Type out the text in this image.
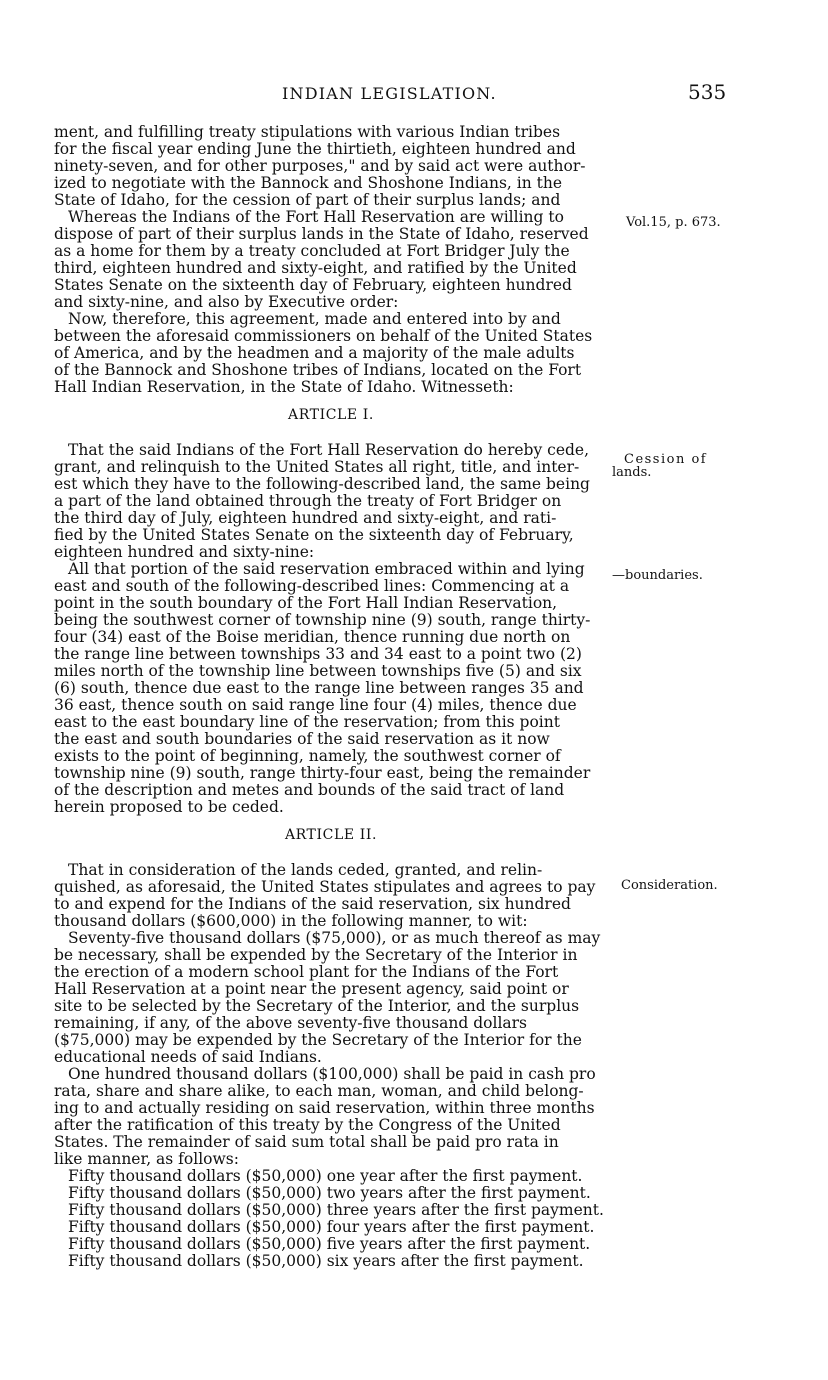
INDIAN LEGISLATION.	535
ment, and fulfilling treaty stipulations with various Indian tribes
for the fiscal year ending June the thirtieth, eighteen hundred and
ninety-seven, and for other purposes," and by said act were author-
ized to negotiate with the Bannock and Shoshone Indians, in the
State of Idaho, for the cession of part of their surplus lands; and
Whereas the Indians of the Fort Hall Reservation are willing to
dispose of part of their surplus lands in the State of Idaho, reserved
as a home for them by a treaty concluded at Fort Bridger July the
third, eighteen hundred and sixty-eight, and ratified by the United
States Senate on the sixteenth day of February, eighteen hundred
and sixty-nine, and also by Executive order:
Now, therefore, this agreement, made and entered into by and
between the aforesaid commissioners on behalf of the United States
of America, and by the headmen and a majority of the male adults
of the Bannock and Shoshone tribes of Indians, located on the Fort
Hall Indian Reservation, in the State of Idaho. Witnesseth:
ARTICLE I.
That the said Indians of the Fort Hall Reservation do hereby cede,
grant, and relinquish to the United States all right, title, and inter-
est which they have to the following-described land, the same being
a part of the land obtained through the treaty of Fort Bridger on
the third day of July, eighteen hundred and sixty-eight, and rati-
fied by the United States Senate on the sixteenth day of February,
eighteen hundred and sixty-nine:
All that portion of the said reservation embraced within and lying
east and south of the following-described lines: Commencing at a
point in the south boundary of the Fort Hall Indian Reservation,
being the southwest corner of township nine (9) south, range thirty-
four (34) east of the Boise meridian, thence running due north on
the range line between townships 33 and 34 east to a point two (2)
miles north of the township line between townships five (5) and six
(6) south, thence due east to the range line between ranges 35 and
36 east, thence south on said range line four (4) miles, thence due
east to the east boundary line of the reservation; from this point
the east and south boundaries of the said reservation as it now
exists to the point of beginning, namely, the southwest corner of
township nine (9) south, range thirty-four east, being the remainder
of the description and metes and bounds of the said tract of land
herein proposed to be ceded.
ARTICLE II.
That in consideration of the lands ceded, granted, and relin-
quished, as aforesaid, the United States stipulates and agrees to pay
to and expend for the Indians of the said reservation, six hundred
thousand dollars ($600,000) in the following manner, to wit:
Seventy-five thousand dollars ($75,000), or as much thereof as may
be necessary, shall be expended by the Secretary of the Interior in
the erection of a modern school plant for the Indians of the Fort
Hall Reservation at a point near the present agency, said point or
site to be selected by the Secretary of the Interior, and the surplus
remaining, if any, of the above seventy-five thousand dollars
($75,000) may be expended by the Secretary of the Interior for the
educational needs of said Indians.
One hundred thousand dollars ($100,000) shall be paid in cash pro
rata, share and share alike, to each man, woman, and child belong-
ing to and actually residing on said reservation, within three months
after the ratification of this treaty by the Congress of the United
States. The remainder of said sum total shall be paid pro rata in
like manner, as follows:
Fifty thousand dollars ($50,000) one year after the first payment.
Fifty thousand dollars ($50,000) two years after the first payment.
Fifty thousand dollars ($50,000) three years after the first payment.
Fifty thousand dollars ($50,000) four years after the first payment.
Fifty thousand dollars ($50,000) five years after the first payment.
Fifty thousand dollars ($50,000) six years after the first payment.
Vol.15, p. 673.
Cession of
lands.
—boundaries.
Consideration.
